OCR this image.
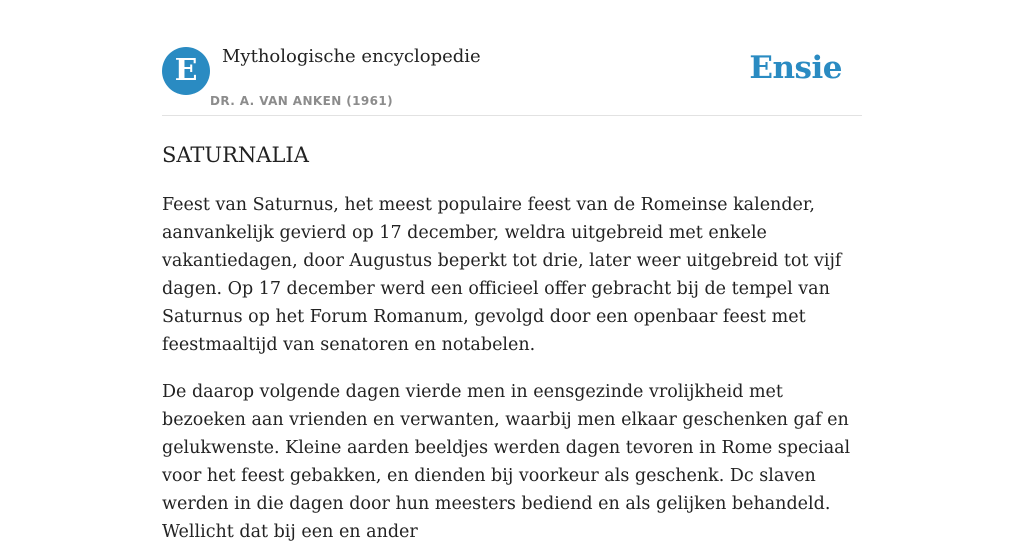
E	Mythologische encyclopedie
DR. A. VAN ANKEN (1961)
Ensie
SATURNALIA

Feest van Saturnus, het meest populaire feest van de Romeinse kalender, aanvankelijk gevierd op 17 december, weldra uitgebreid met enkele vakantiedagen, door Augustus beperkt tot drie, later weer uitgebreid tot vijf dagen. Op 17 december werd een officieel offer gebracht bij de tempel van Saturnus op het Forum Romanum, gevolgd door een openbaar feest met feestmaaltijd van senatoren en notabelen.

De daarop volgende dagen vierde men in eensgezinde vrolijkheid met bezoeken aan vrienden en verwanten, waarbij men elkaar geschenken gaf en gelukwenste. Kleine aarden beeldjes werden dagen tevoren in Rome speciaal voor het feest gebakken, en dienden bij voorkeur als geschenk. Dc slaven werden in die dagen door hun meesters bediend en als gelijken behandeld. Wellicht dat bij een en ander
